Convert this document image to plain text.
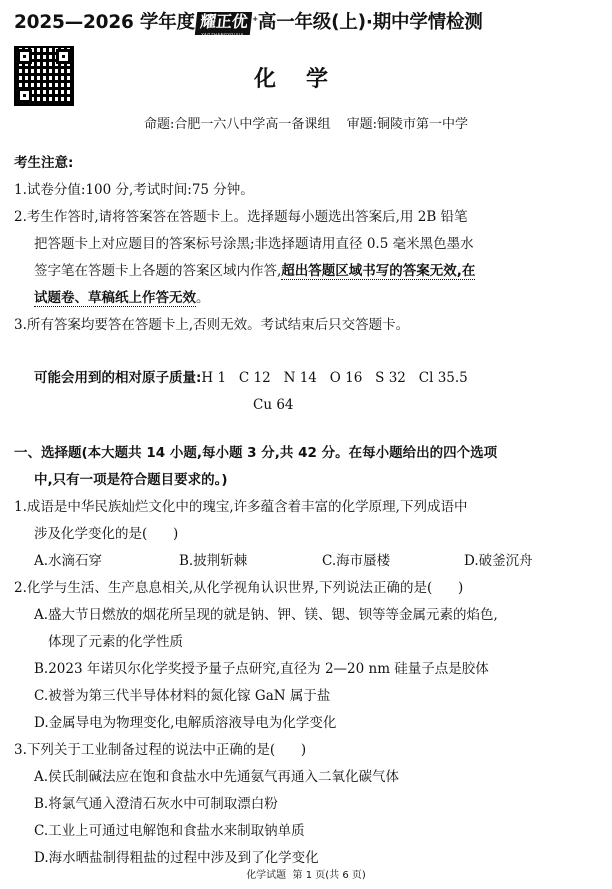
2025—2026 学年度 耀正优
YAOZHENGYOUJIA
+高一年级(上)·期中学情检测
化学
命题:合肥一六八中学高一备课组 审题:铜陵市第一中学
考生注意:
1.试卷分值:100 分,考试时间:75 分钟。
2.考生作答时,请将答案答在答题卡上。选择题每小题选出答案后,用 2B 铅笔
把答题卡上对应题目的答案标号涂黑;非选择题请用直径 0.5 毫米黑色墨水
签字笔在答题卡上各题的答案区域内作答,超出答题区域书写的答案无效,在
试题卷、草稿纸上作答无效。
3.所有答案均要答在答题卡上,否则无效。考试结束后只交答题卡。
可能会用到的相对原子质量:H 1   C 12   N 14   O 16   S 32   Cl 35.5
Cu 64
一、选择题(本大题共 14 小题,每小题 3 分,共 42 分。在每小题给出的四个选项
中,只有一项是符合题目要求的。)
1.成语是中华民族灿烂文化中的瑰宝,许多蕴含着丰富的化学原理,下列成语中
涉及化学变化的是(      )
A.水滴石穿	B.披荆斩棘	C.海市蜃楼	D.破釜沉舟
2.化学与生活、生产息息相关,从化学视角认识世界,下列说法正确的是(      )
A.盛大节日燃放的烟花所呈现的就是钠、钾、镁、锶、钡等等金属元素的焰色,
体现了元素的化学性质
B.2023 年诺贝尔化学奖授予量子点研究,直径为 2—20 nm 硅量子点是胶体
C.被誉为第三代半导体材料的氮化镓 GaN 属于盐
D.金属导电为物理变化,电解质溶液导电为化学变化
3.下列关于工业制备过程的说法中正确的是(      )
A.侯氏制碱法应在饱和食盐水中先通氨气再通入二氧化碳气体
B.将氯气通入澄清石灰水中可制取漂白粉
C.工业上可通过电解饱和食盐水来制取钠单质
D.海水晒盐制得粗盐的过程中涉及到了化学变化
化学试题  第 1 页(共 6 页)
